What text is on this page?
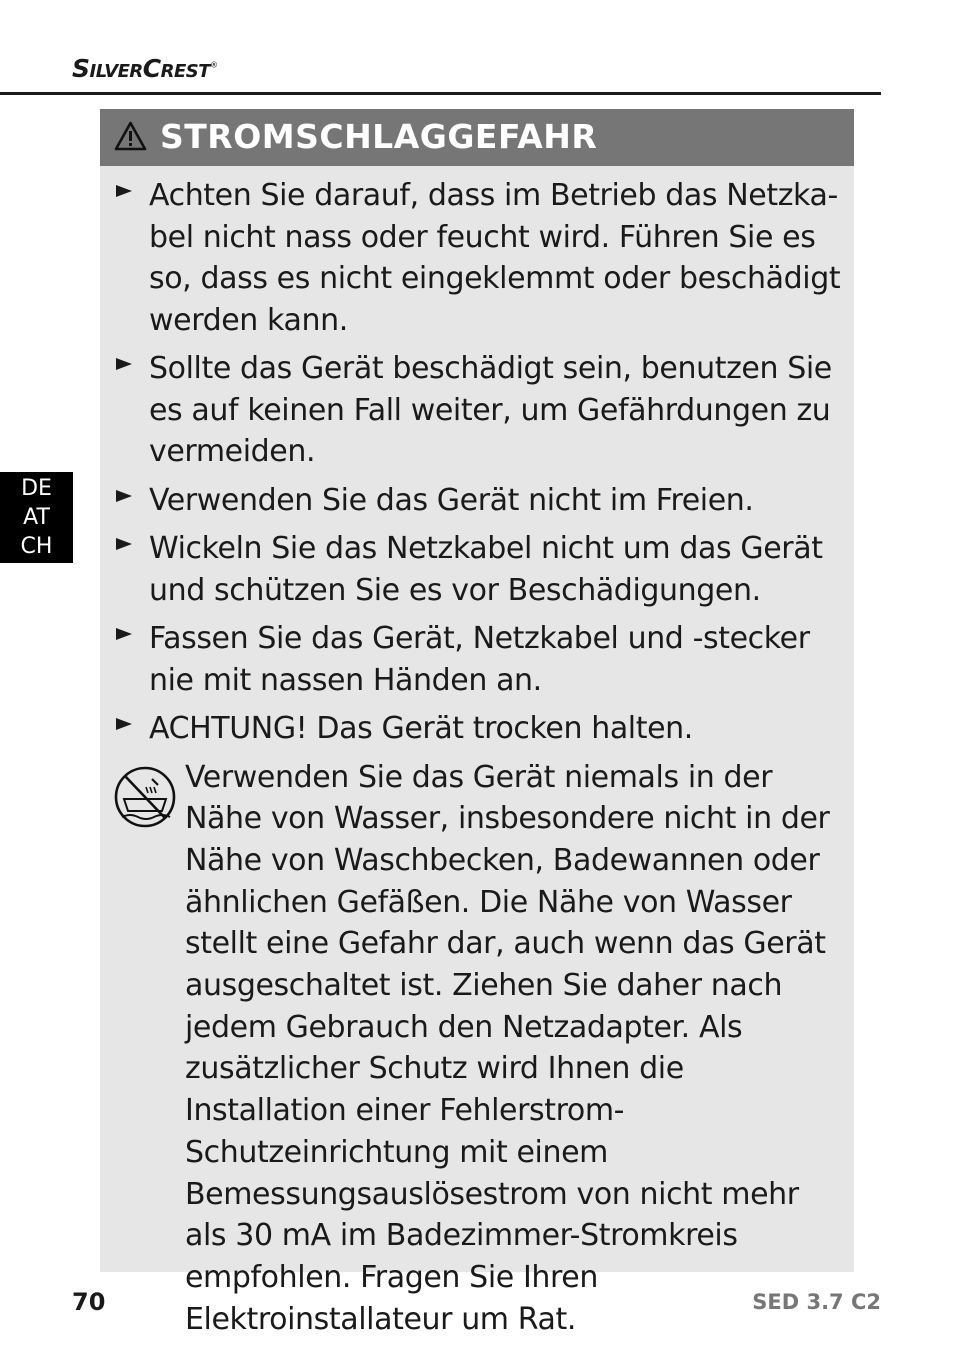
SilverCrest®
DE
AT
CH
STROMSCHLAGGEFAHR
Achten Sie darauf, dass im Betrieb das Netzka-bel nicht nass oder feucht wird. Führen Sie es so, dass es nicht eingeklemmt oder beschädigt werden kann.
Sollte das Gerät beschädigt sein, benutzen Sie es auf keinen Fall weiter, um Gefährdungen zu vermeiden.
Verwenden Sie das Gerät nicht im Freien.
Wickeln Sie das Netzkabel nicht um das Gerät und schützen Sie es vor Beschädigungen.
Fassen Sie das Gerät, Netzkabel und -stecker nie mit nassen Händen an.
ACHTUNG! Das Gerät trocken halten.
Verwenden Sie das Gerät niemals in der Nähe von Wasser, insbesondere nicht in der Nähe von Waschbecken, Badewannen oder ähnlichen Gefäßen. Die Nähe von Wasser stellt eine Gefahr dar, auch wenn das Gerät ausgeschaltet ist. Ziehen Sie daher nach jedem Gebrauch den Netzadapter. Als zusätzlicher Schutz wird Ihnen die Installation einer Fehlerstrom-Schutzeinrichtung mit einem Bemessungsauslösestrom von nicht mehr als 30 mA im Badezimmer-Stromkreis empfohlen. Fragen Sie Ihren Elektroinstallateur um Rat.
70	SED 3.7 C2
